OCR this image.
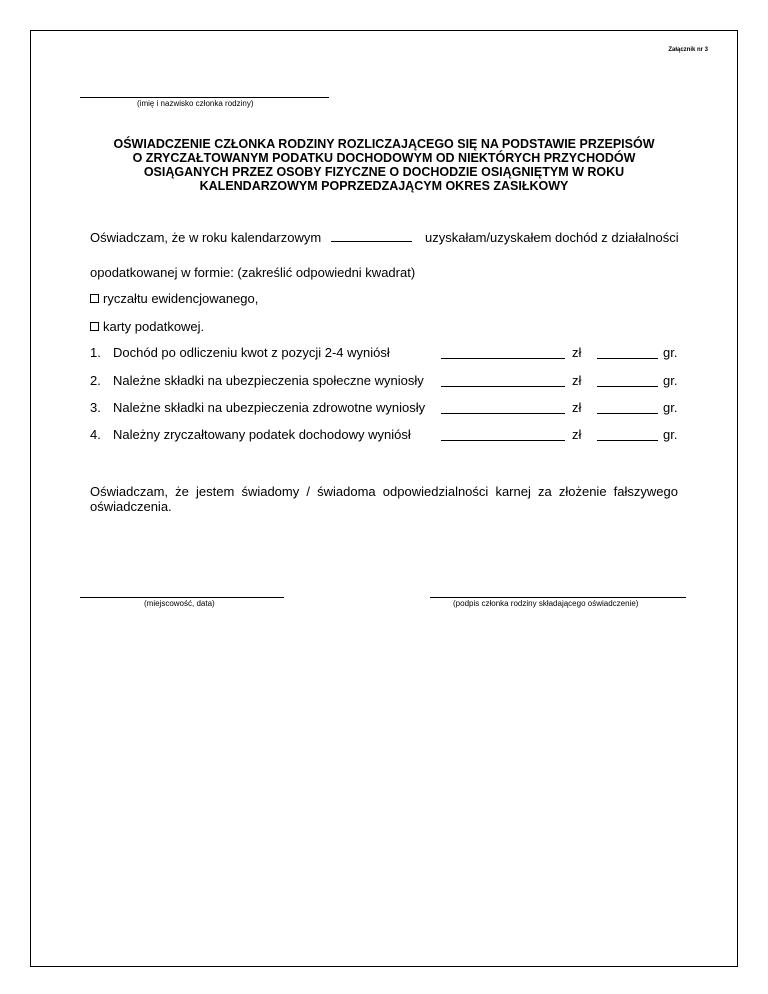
Załącznik nr 3
(imię i nazwisko członka rodziny)
OŚWIADCZENIE CZŁONKA RODZINY ROZLICZAJĄCEGO SIĘ NA PODSTAWIE PRZEPISÓW
O ZRYCZAŁTOWANYM PODATKU DOCHODOWYM OD NIEKTÓRYCH PRZYCHODÓW
OSIĄGANYCH PRZEZ OSOBY FIZYCZNE O DOCHODZIE OSIĄGNIĘTYM W ROKU
KALENDARZOWYM POPRZEDZAJĄCYM OKRES ZASIŁKOWY
Oświadczam, że w roku kalendarzowym	uzyskałam/uzyskałem dochód z działalności
opodatkowanej w formie: (zakreślić odpowiedni kwadrat)
ryczałtu ewidencjowanego,
karty podatkowej.
1. Dochód po odliczeniu kwot z pozycji 2-4 wyniósł	zł	gr.
2. Należne składki na ubezpieczenia społeczne wyniosły	zł	gr.
3. Należne składki na ubezpieczenia zdrowotne wyniosły	zł	gr.
4. Należny zryczałtowany podatek dochodowy wyniósł	zł	gr.
Oświadczam, że jestem świadomy / świadoma odpowiedzialności karnej za złożenie fałszywego oświadczenia.
(miejscowość, data)	(podpis członka rodziny składającego oświadczenie)
